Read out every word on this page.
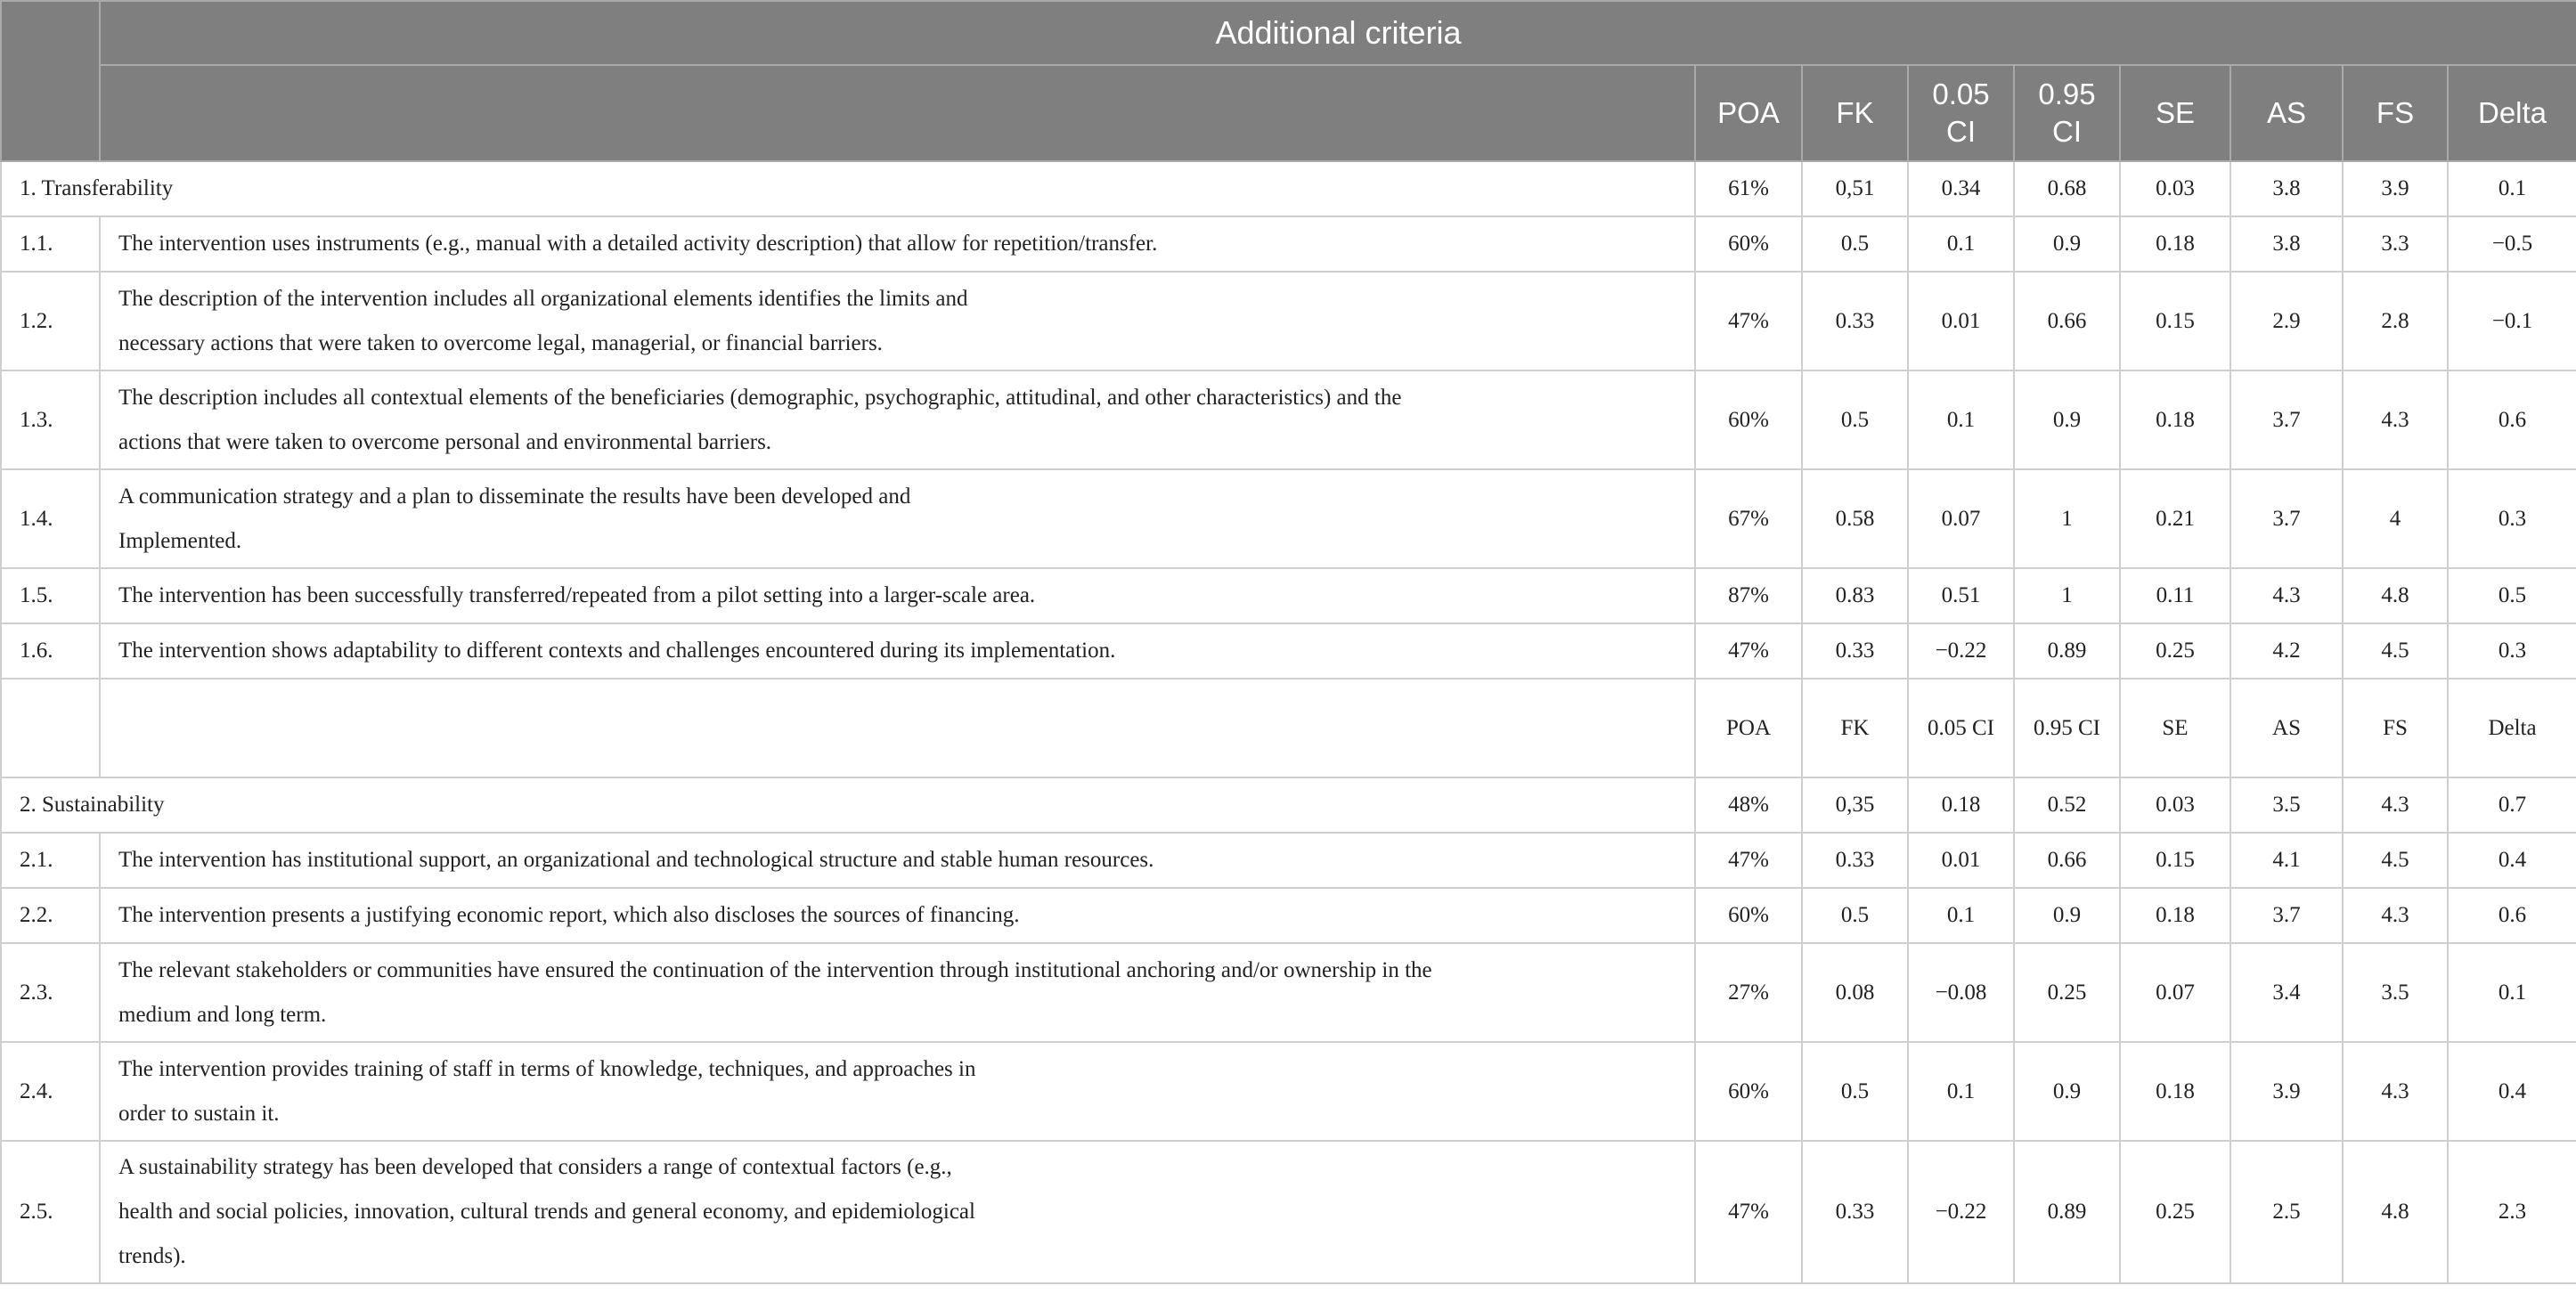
	Additional criteria								
		POA	FK	0.05 CI	0.95 CI	SE	AS	FS	Delta
1. Transferability		61%	0,51	0.34	0.68	0.03	3.8	3.9	0.1
1.1.	The intervention uses instruments (e.g., manual with a detailed activity description) that allow for repetition/transfer.	60%	0.5	0.1	0.9	0.18	3.8	3.3	−0.5
1.2.	The description of the intervention includes all organizational elements identifies the limits and
necessary actions that were taken to overcome legal, managerial, or financial barriers.	47%	0.33	0.01	0.66	0.15	2.9	2.8	−0.1
1.3.	The description includes all contextual elements of the beneficiaries (demographic, psychographic, attitudinal, and other characteristics) and the
actions that were taken to overcome personal and environmental barriers.	60%	0.5	0.1	0.9	0.18	3.7	4.3	0.6
1.4.	A communication strategy and a plan to disseminate the results have been developed and
Implemented.	67%	0.58	0.07	1	0.21	3.7	4	0.3
1.5.	The intervention has been successfully transferred/repeated from a pilot setting into a larger-scale area.	87%	0.83	0.51	1	0.11	4.3	4.8	0.5
1.6.	The intervention shows adaptability to different contexts and challenges encountered during its implementation.	47%	0.33	−0.22	0.89	0.25	4.2	4.5	0.3
		POA	FK	0.05 CI	0.95 CI	SE	AS	FS	Delta
2. Sustainability		48%	0,35	0.18	0.52	0.03	3.5	4.3	0.7
2.1.	The intervention has institutional support, an organizational and technological structure and stable human resources.	47%	0.33	0.01	0.66	0.15	4.1	4.5	0.4
2.2.	The intervention presents a justifying economic report, which also discloses the sources of financing.	60%	0.5	0.1	0.9	0.18	3.7	4.3	0.6
2.3.	The relevant stakeholders or communities have ensured the continuation of the intervention through institutional anchoring and/or ownership in the
medium and long term.	27%	0.08	−0.08	0.25	0.07	3.4	3.5	0.1
2.4.	The intervention provides training of staff in terms of knowledge, techniques, and approaches in
order to sustain it.	60%	0.5	0.1	0.9	0.18	3.9	4.3	0.4
2.5.	A sustainability strategy has been developed that considers a range of contextual factors (e.g.,
health and social policies, innovation, cultural trends and general economy, and epidemiological
trends).	47%	0.33	−0.22	0.89	0.25	2.5	4.8	2.3
